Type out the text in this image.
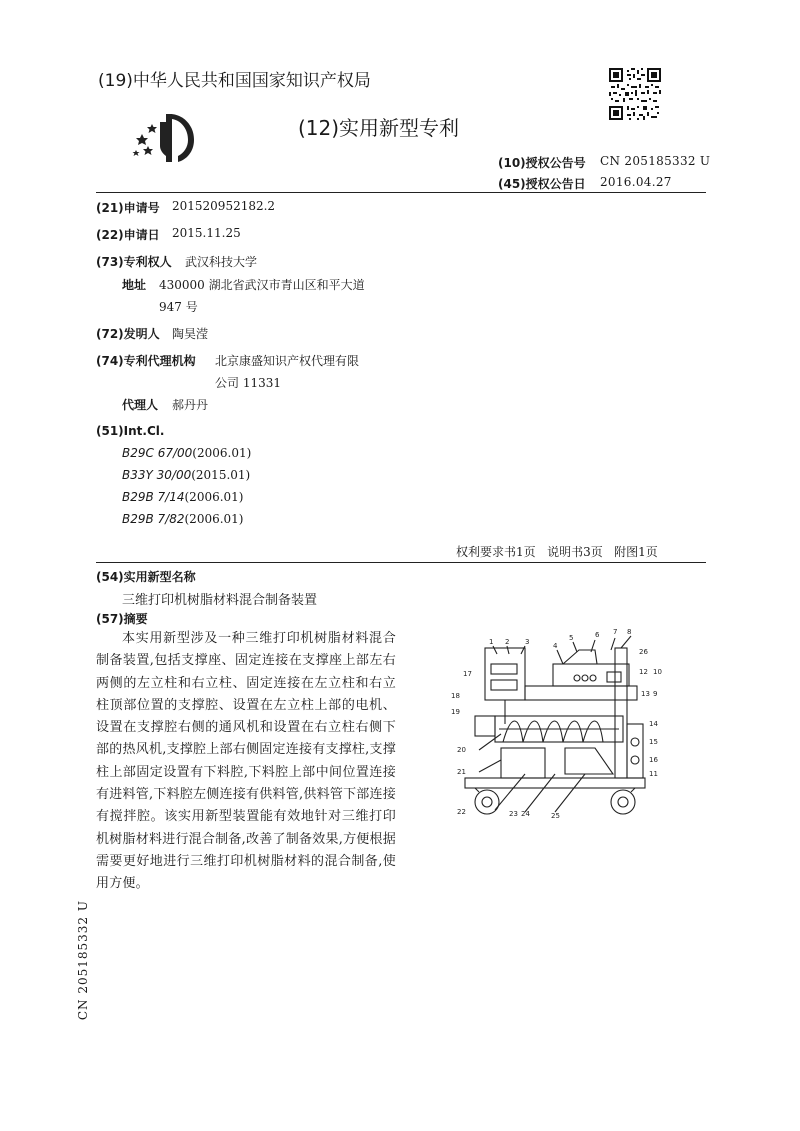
(19)中华人民共和国国家知识产权局
(12)实用新型专利
(10)授权公告号 CN 205185332 U
(45)授权公告日 2016.04.27
(21)申请号 201520952182.2
(22)申请日 2015.11.25
(73)专利权人 武汉科技大学
地址 430000 湖北省武汉市青山区和平大道
947 号
(72)发明人 陶昊滢
(74)专利代理机构 北京康盛知识产权代理有限
公司 11331
代理人 郝丹丹
(51)Int.Cl.
B29C 67/00(2006.01)
B33Y 30/00(2015.01)
B29B 7/14(2006.01)
B29B 7/82(2006.01)
权利要求书1页   说明书3页   附图1页
(54)实用新型名称
三维打印机树脂材料混合制备装置
(57)摘要
本实用新型涉及一种三维打印机树脂材料混合制备装置,包括支撑座、固定连接在支撑座上部左右两侧的左立柱和右立柱、固定连接在左立柱和右立柱顶部位置的支撑腔、设置在左立柱上部的电机、设置在支撑腔右侧的通风机和设置在右立柱右侧下部的热风机,支撑腔上部右侧固定连接有支撑柱,支撑柱上部固定设置有下料腔,下料腔上部中间位置连接有进料管,下料腔左侧连接有供料管,供料管下部连接有搅拌腔。该实用新型装置能有效地针对三维打印机树脂材料进行混合制备,改善了制备效果,方便根据需要更好地进行三维打印机树脂材料的混合制备,使用方便。
1 2 3	4
5	6 7 8
26
17	12 10
18
19
13 9
14
15
16
11
20
21
22	23 24	25
CN 205185332 U
